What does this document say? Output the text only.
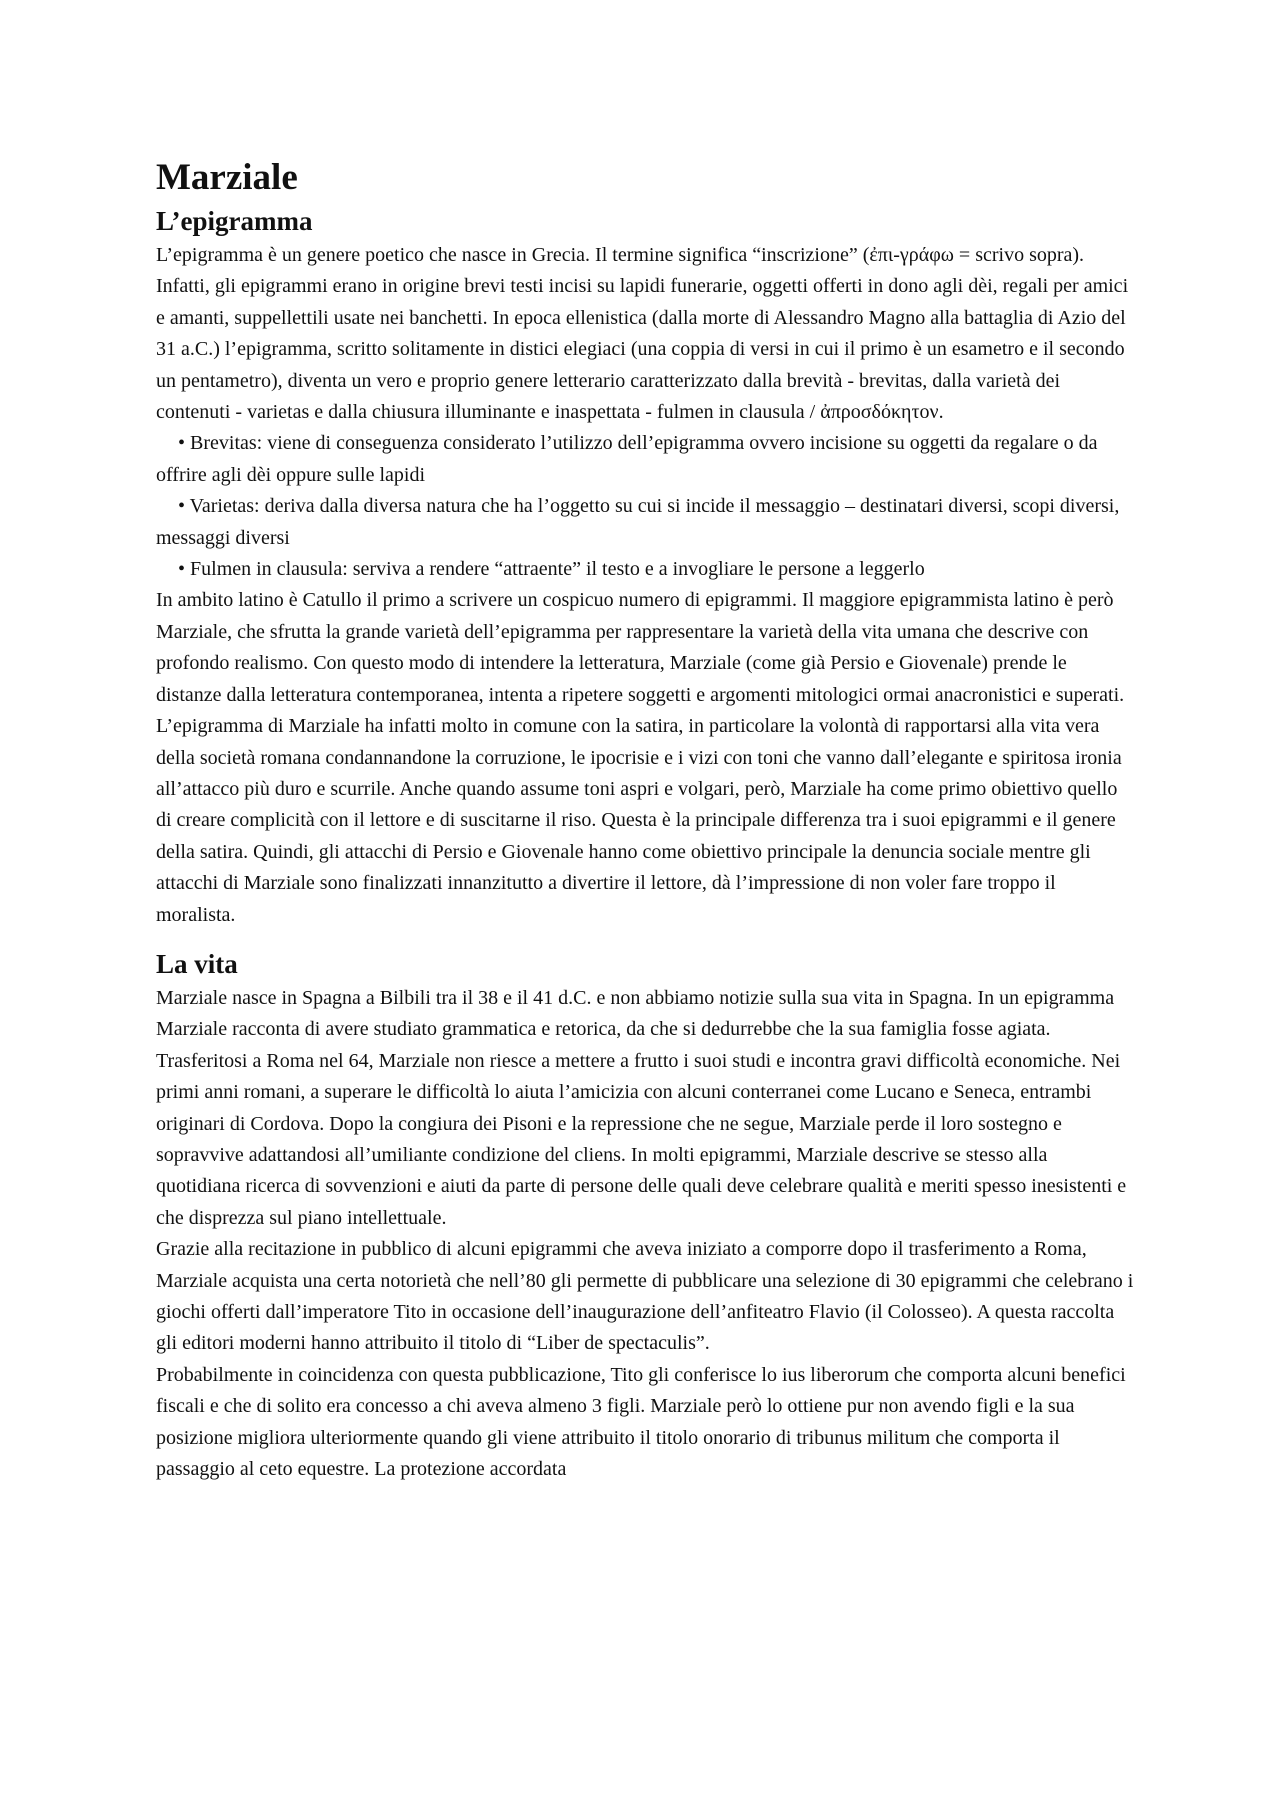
Marziale
L’epigramma

L’epigramma è un genere poetico che nasce in Grecia. Il termine significa “inscrizione” (ἐπι-γράφω = scrivo sopra). Infatti, gli epigrammi erano in origine brevi testi incisi su lapidi funerarie, oggetti offerti in dono agli dèi, regali per amici e amanti, suppellettili usate nei banchetti. In epoca ellenistica (dalla morte di Alessandro Magno alla battaglia di Azio del 31 a.C.) l’epigramma, scritto solitamente in distici elegiaci (una coppia di versi in cui il primo è un esametro e il secondo un pentametro), diventa un vero e proprio genere letterario caratterizzato dalla brevità - brevitas, dalla varietà dei contenuti - varietas e dalla chiusura illuminante e inaspettata - fulmen in clausula / ἀπροσδόκητον.

• Brevitas: viene di conseguenza considerato l’utilizzo dell’epigramma ovvero incisione su oggetti da regalare o da offrire agli dèi oppure sulle lapidi
• Varietas: deriva dalla diversa natura che ha l’oggetto su cui si incide il messaggio – destinatari diversi, scopi diversi, messaggi diversi
• Fulmen in clausula: serviva a rendere “attraente” il testo e a invogliare le persone a leggerlo

In ambito latino è Catullo il primo a scrivere un cospicuo numero di epigrammi. Il maggiore epigrammista latino è però Marziale, che sfrutta la grande varietà dell’epigramma per rappresentare la varietà della vita umana che descrive con profondo realismo. Con questo modo di intendere la letteratura, Marziale (come già Persio e Giovenale) prende le distanze dalla letteratura contemporanea, intenta a ripetere soggetti e argomenti mitologici ormai anacronistici e superati. L’epigramma di Marziale ha infatti molto in comune con la satira, in particolare la volontà di rapportarsi alla vita vera della società romana condannandone la corruzione, le ipocrisie e i vizi con toni che vanno dall’elegante e spiritosa ironia all’attacco più duro e scurrile. Anche quando assume toni aspri e volgari, però, Marziale ha come primo obiettivo quello di creare complicità con il lettore e di suscitarne il riso. Questa è la principale differenza tra i suoi epigrammi e il genere della satira. Quindi, gli attacchi di Persio e Giovenale hanno come obiettivo principale la denuncia sociale mentre gli attacchi di Marziale sono finalizzati innanzitutto a divertire il lettore, dà l’impressione di non voler fare troppo il moralista.

La vita

Marziale nasce in Spagna a Bilbili tra il 38 e il 41 d.C. e non abbiamo notizie sulla sua vita in Spagna. In un epigramma Marziale racconta di avere studiato grammatica e retorica, da che si dedurrebbe che la sua famiglia fosse agiata. Trasferitosi a Roma nel 64, Marziale non riesce a mettere a frutto i suoi studi e incontra gravi difficoltà economiche. Nei primi anni romani, a superare le difficoltà lo aiuta l’amicizia con alcuni conterranei come Lucano e Seneca, entrambi originari di Cordova. Dopo la congiura dei Pisoni e la repressione che ne segue, Marziale perde il loro sostegno e sopravvive adattandosi all’umiliante condizione del cliens. In molti epigrammi, Marziale descrive se stesso alla quotidiana ricerca di sovvenzioni e aiuti da parte di persone delle quali deve celebrare qualità e meriti spesso inesistenti e che disprezza sul piano intellettuale.

Grazie alla recitazione in pubblico di alcuni epigrammi che aveva iniziato a comporre dopo il trasferimento a Roma, Marziale acquista una certa notorietà che nell’80 gli permette di pubblicare una selezione di 30 epigrammi che celebrano i giochi offerti dall’imperatore Tito in occasione dell’inaugurazione dell’anfiteatro Flavio (il Colosseo). A questa raccolta gli editori moderni hanno attribuito il titolo di “Liber de spectaculis”.

Probabilmente in coincidenza con questa pubblicazione, Tito gli conferisce lo ius liberorum che comporta alcuni benefici fiscali e che di solito era concesso a chi aveva almeno 3 figli. Marziale però lo ottiene pur non avendo figli e la sua posizione migliora ulteriormente quando gli viene attribuito il titolo onorario di tribunus militum che comporta il passaggio al ceto equestre. La protezione accordata
